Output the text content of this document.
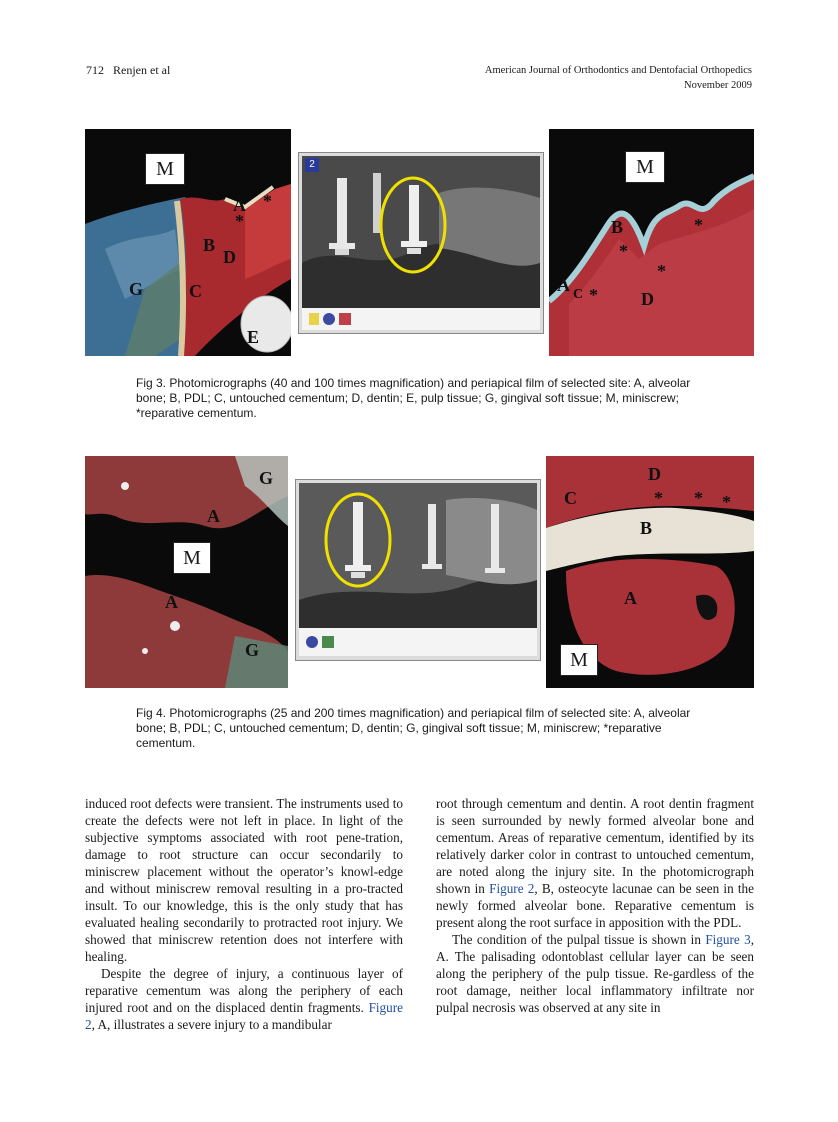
712   Renjen et al	American Journal of Orthodontics and Dentofacial Orthopedics
November 2009
M
A *
*
B
D
G	C
E
2	M
B
*
*
*
*
A C	D
Fig 3. Photomicrographs (40 and 100 times magnification) and periapical film of selected site: A, alveolar bone; B, PDL; C, untouched cementum; D, dentin; E, pulp tissue; G, gingival soft tissue; M, miniscrew; *reparative cementum.
M
G
A
A
G
D
C	* * *
B
A
M
Fig 4. Photomicrographs (25 and 200 times magnification) and periapical film of selected site: A, alveolar bone; B, PDL; C, untouched cementum; D, dentin; G, gingival soft tissue; M, miniscrew; *reparative cementum.

induced root defects were transient. The instruments used to create the defects were not left in place. In light of the subjective symptoms associated with root pene-tration, damage to root structure can occur secondarily to miniscrew placement without the operator’s knowl-edge and without miniscrew removal resulting in a pro-tracted insult. To our knowledge, this is the only study that has evaluated healing secondarily to protracted root injury. We showed that miniscrew retention does not interfere with healing.

Despite the degree of injury, a continuous layer of reparative cementum was along the periphery of each injured root and on the displaced dentin fragments. Figure 2, A, illustrates a severe injury to a mandibular

root through cementum and dentin. A root dentin fragment is seen surrounded by newly formed alveolar bone and cementum. Areas of reparative cementum, identified by its relatively darker color in contrast to untouched cementum, are noted along the injury site. In the photomicrograph shown in Figure 2, B, osteocyte lacunae can be seen in the newly formed alveolar bone. Reparative cementum is present along the root surface in apposition with the PDL.

The condition of the pulpal tissue is shown in Figure 3, A. The palisading odontoblast cellular layer can be seen along the periphery of the pulp tissue. Re-gardless of the root damage, neither local inflammatory infiltrate nor pulpal necrosis was observed at any site in
